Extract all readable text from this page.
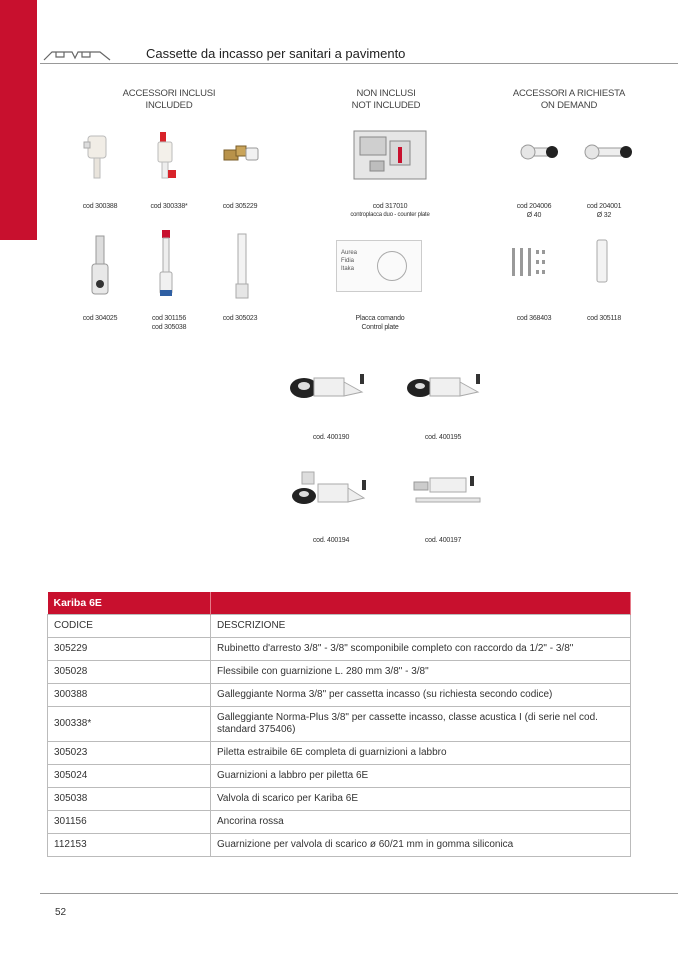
Cassette da incasso per sanitari a pavimento
ACCESSORI INCLUSI
INCLUDED
NON INCLUSI
NOT INCLUDED
ACCESSORI A RICHIESTA
ON DEMAND
cod 300388	cod 300338*	cod 305229	cod 317010
controplacca duo - counter plate
cod 204006
Ø 40
cod 204001
Ø 32
Aurea
Fidia
Itaka
cod 304025	cod 301156
cod 305038
cod 305023	Placca comando
Control plate
cod 368403	cod 305118
cod. 400190	cod. 400195
cod. 400194	cod. 400197
Kariba 6E	
CODICE	DESCRIZIONE
305229	Rubinetto d'arresto 3/8" - 3/8" scomponibile completo con raccordo da 1/2" - 3/8"
305028	Flessibile con guarnizione L. 280 mm 3/8" - 3/8"
300388	Galleggiante Norma 3/8" per cassetta incasso (su richiesta secondo codice)
300338*	Galleggiante Norma-Plus 3/8" per cassette incasso, classe acustica I (di serie nel cod. standard 375406)
305023	Piletta estraibile 6E completa di guarnizioni a labbro
305024	Guarnizioni a labbro per piletta 6E
305038	Valvola di scarico per Kariba 6E
301156	Ancorina rossa
112153	Guarnizione per valvola di scarico ø 60/21 mm in gomma siliconica
52
